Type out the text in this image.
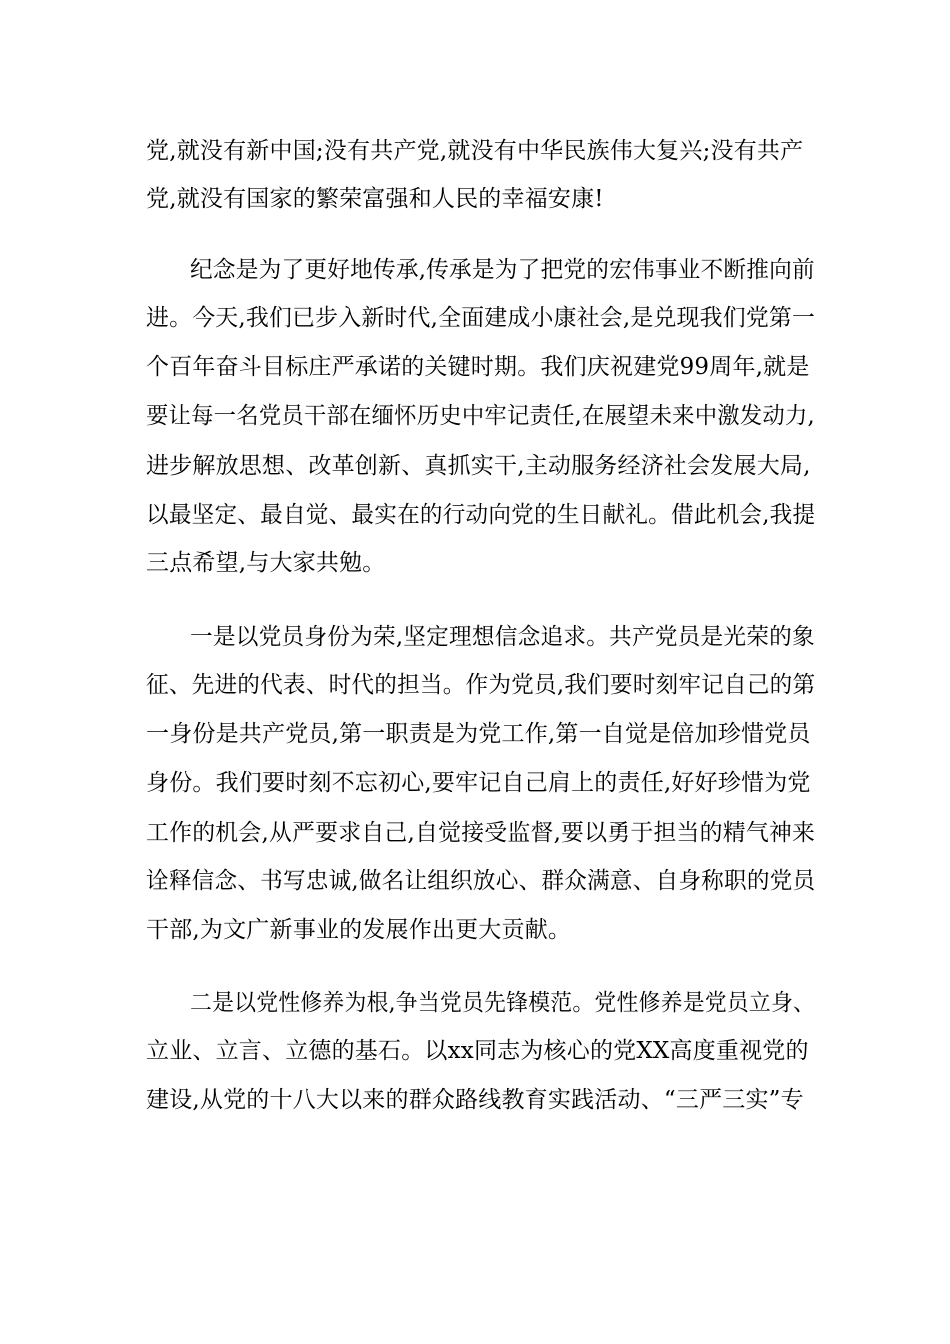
党,就没有新中国;没有共产党,就没有中华民族伟大复兴;没有共产
党,就没有国家的繁荣富强和人民的幸福安康!
纪念是为了更好地传承,传承是为了把党的宏伟事业不断推向前
进。今天,我们已步入新时代,全面建成小康社会,是兑现我们党第一
个百年奋斗目标庄严承诺的关键时期。我们庆祝建党99周年,就是
要让每一名党员干部在缅怀历史中牢记责任,在展望未来中激发动力,
进步解放思想、改革创新、真抓实干,主动服务经济社会发展大局,
以最坚定、最自觉、最实在的行动向党的生日献礼。借此机会,我提
三点希望,与大家共勉。
一是以党员身份为荣,坚定理想信念追求。共产党员是光荣的象
征、先进的代表、时代的担当。作为党员,我们要时刻牢记自己的第
一身份是共产党员,第一职责是为党工作,第一自觉是倍加珍惜党员
身份。我们要时刻不忘初心,要牢记自己肩上的责任,好好珍惜为党
工作的机会,从严要求自己,自觉接受监督,要以勇于担当的精气神来
诠释信念、书写忠诚,做名让组织放心、群众满意、自身称职的党员
干部,为文广新事业的发展作出更大贡献。
二是以党性修养为根,争当党员先锋模范。党性修养是党员立身、
立业、立言、立德的基石。以xx同志为核心的党XX高度重视党的
建设,从党的十八大以来的群众路线教育实践活动、“三严三实”专
